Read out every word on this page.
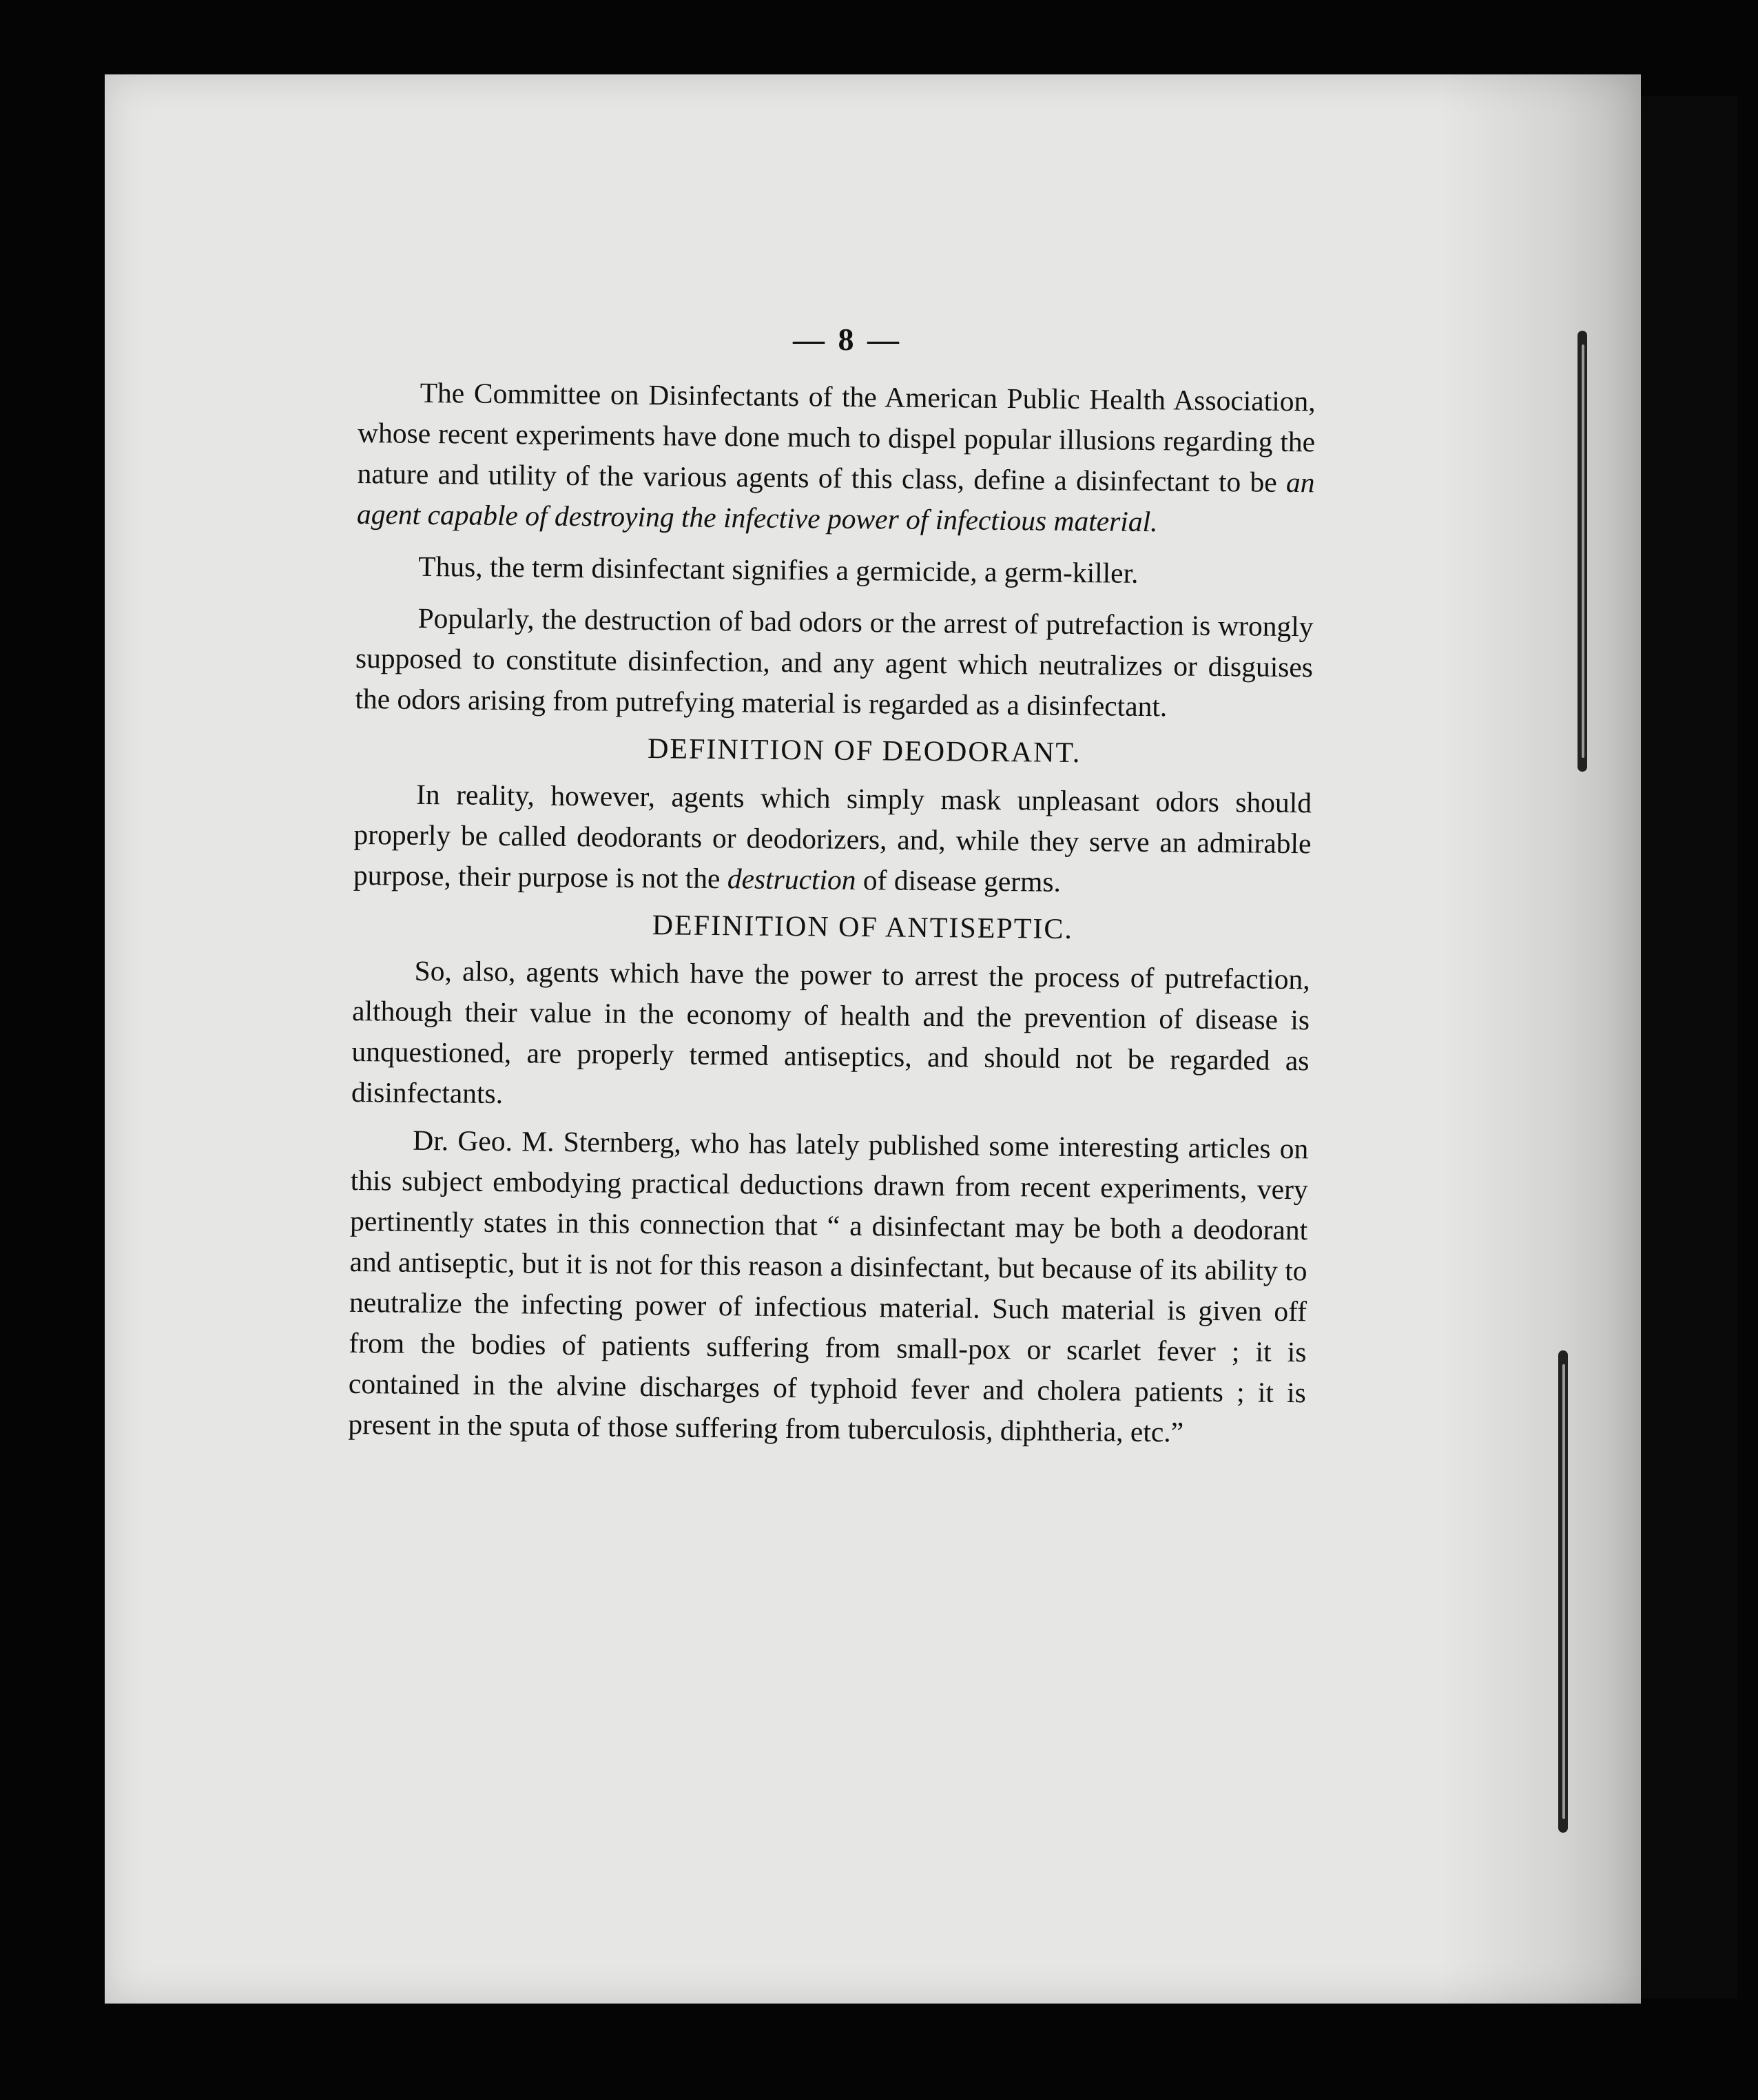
— 8 —

The Committee on Disinfectants of the American Public Health Association, whose recent experiments have done much to dispel popular illusions regarding the nature and utility of the various agents of this class, define a disinfectant to be an agent capable of destroying the infective power of infectious material.

Thus, the term disinfectant signifies a germicide, a germ-killer.

Popularly, the destruction of bad odors or the arrest of putrefaction is wrongly supposed to constitute disinfection, and any agent which neutralizes or disguises the odors arising from putrefying material is regarded as a disinfectant.

DEFINITION OF DEODORANT.

In reality, however, agents which simply mask unpleasant odors should properly be called deodorants or deodorizers, and, while they serve an admirable purpose, their purpose is not the destruction of disease germs.

DEFINITION OF ANTISEPTIC.

So, also, agents which have the power to arrest the process of putrefaction, although their value in the economy of health and the prevention of disease is unquestioned, are properly termed antiseptics, and should not be regarded as disinfectants.

Dr. Geo. M. Sternberg, who has lately published some interesting articles on this subject embodying practical deductions drawn from recent experiments, very pertinently states in this connection that “ a disinfectant may be both a deodorant and antiseptic, but it is not for this reason a disinfectant, but because of its ability to neutralize the infecting power of infectious material. Such material is given off from the bodies of patients suffering from small-pox or scarlet fever ; it is contained in the alvine discharges of typhoid fever and cholera patients ; it is present in the sputa of those suffering from tuberculosis, diphtheria, etc.”
